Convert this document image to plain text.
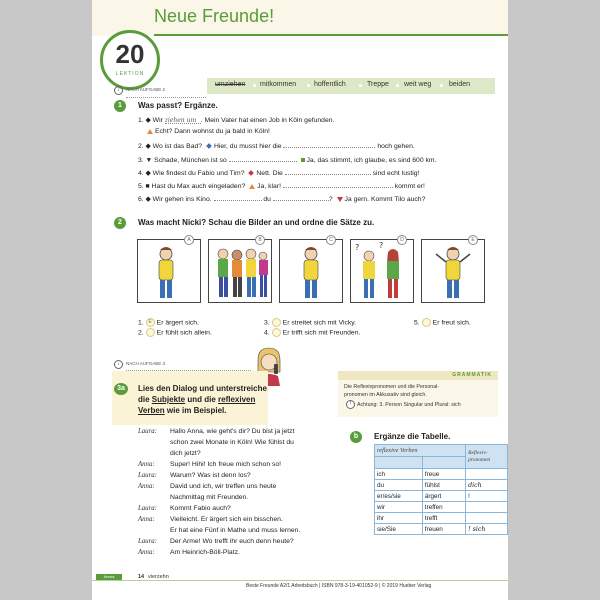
Neue Freunde!
20
LEKTION
↓	NACH AUFGABE 2
umziehen mitkommen	hoffentlich	Treppe weit weg	beiden
1	Was passt? Ergänze.
1. ◆ Wir ziehen um . Mein Vater hat einen Job in Köln gefunden.
Echt? Dann wohnst du ja bald in Köln!
2. ◆ Wo ist das Bad? Hier, du musst hier die	hoch gehen.
3. ▼ Schade, München ist so	Ja, das stimmt, ich glaube, es sind 600 km.
4. ◆ Wie findest du Fabio und Tim? Nett. Die	sind echt lustig!
5. ■ Hast du Max auch eingeladen? Ja, klar!	kommt er!
6. ◆ Wir gehen ins Kino.	du	? Ja gern. Kommt Tilo auch?
2	Was macht Nicki? Schau die Bilder an und ordne die Sätze zu.
A	B	C	D
? ?
E
1. E Er ärgert sich.
2. Er fühlt sich allein.
3. Er streitet sich mit Vicky.
4. Er trifft sich mit Freunden.
5. Er freut sich.
↓	NACH AUFGABE 3
3a	Lies den Dialog und unterstreiche
die Subjekte und die reflexiven
Verben wie im Beispiel.
Laura: Hallo Anna, wie geht's dir? Du bist ja jetzt
schon zwei Monate in Köln! Wie fühlst du
dich jetzt?
Anna: Super! Hihi! Ich freue mich schon so!
Laura: Warum? Was ist denn los?
Anna: David und ich, wir treffen uns heute
Nachmittag mit Freunden.
Laura: Kommt Fabio auch?
Anna: Vielleicht. Er ärgert sich ein bisschen.
Er hat eine Fünf in Mathe und muss lernen.
Laura: Der Arme! Wo trefft ihr euch denn heute?
Anna: Am Heinrich-Böll-Platz.
GRAMMATIK
Die Reflexivpronomen und die Personal-
pronomen im Akkusativ sind gleich.
! Achtung: 3. Person Singular und Plural: sich
b	Ergänze die Tabelle.
reflexive Verben		Reflexiv-
pronomen

ich	freue	
du	fühlst	dich
er/es/sie	ärgert	!
wir	treffen	
ihr	trefft	
sie/Sie	freuen	! sich
Arena	14 vierzehn
Beste Freunde A2/1 Arbeitsbuch | ISBN 978-3-19-401052-9 | © 2019 Hueber Verlag
